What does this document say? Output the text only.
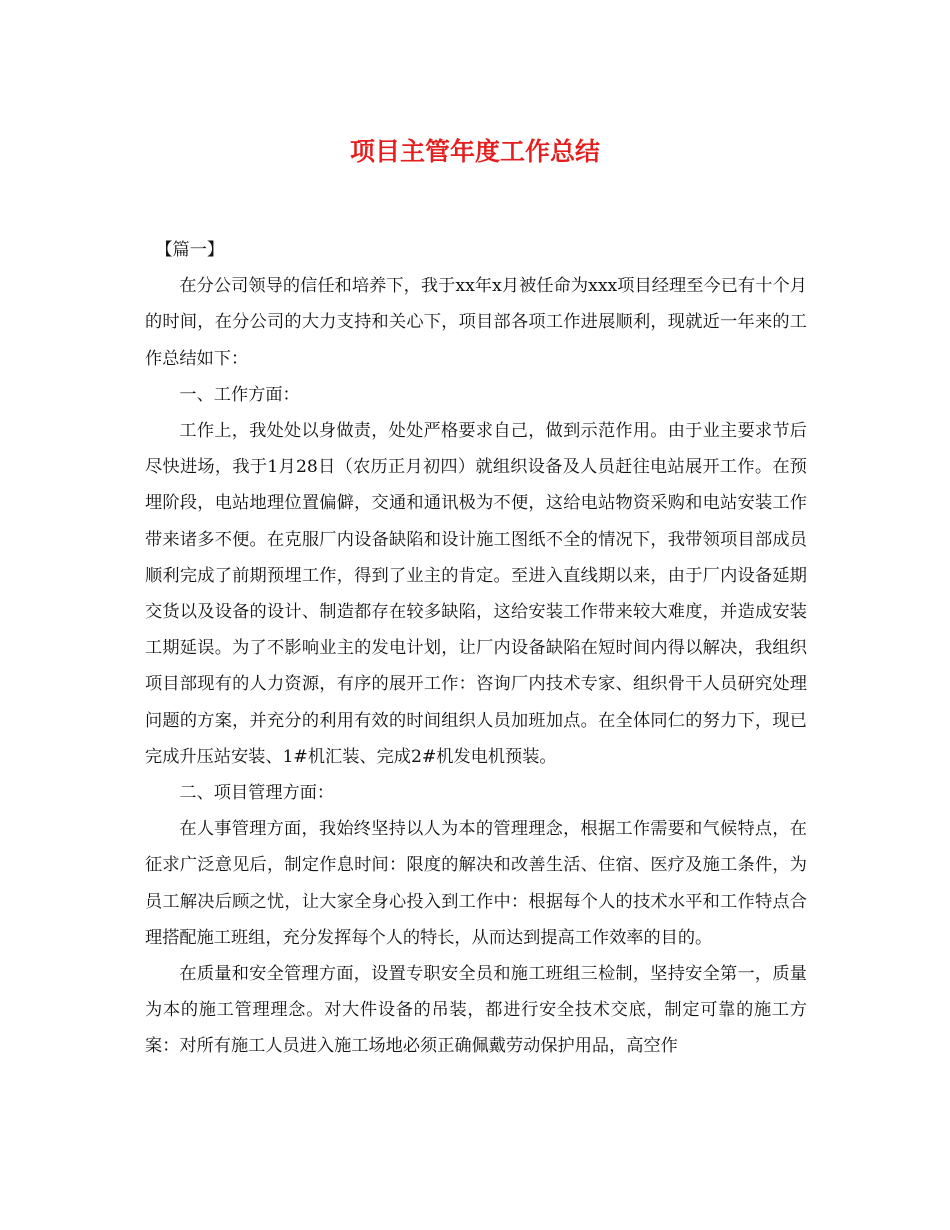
项目主管年度工作总结

【篇一】

在分公司领导的信任和培养下，我于xx年x月被任命为xxx项目经理至今已有十个月的时间，在分公司的大力支持和关心下，项目部各项工作进展顺利，现就近一年来的工作总结如下：

一、工作方面：

工作上，我处处以身做责，处处严格要求自己，做到示范作用。由于业主要求节后尽快进场，我于1月28日（农历正月初四）就组织设备及人员赶往电站展开工作。在预埋阶段，电站地理位置偏僻，交通和通讯极为不便，这给电站物资采购和电站安装工作带来诸多不便。在克服厂内设备缺陷和设计施工图纸不全的情况下，我带领项目部成员顺利完成了前期预埋工作，得到了业主的肯定。至进入直线期以来，由于厂内设备延期交货以及设备的设计、制造都存在较多缺陷，这给安装工作带来较大难度，并造成安装工期延误。为了不影响业主的发电计划，让厂内设备缺陷在短时间内得以解决，我组织项目部现有的人力资源，有序的展开工作：咨询厂内技术专家、组织骨干人员研究处理问题的方案，并充分的利用有效的时间组织人员加班加点。在全体同仁的努力下，现已完成升压站安装、1#机汇装、完成2#机发电机预装。

二、项目管理方面：

在人事管理方面，我始终坚持以人为本的管理理念，根据工作需要和气候特点，在征求广泛意见后，制定作息时间：限度的解决和改善生活、住宿、医疗及施工条件，为员工解决后顾之忧，让大家全身心投入到工作中：根据每个人的技术水平和工作特点合理搭配施工班组，充分发挥每个人的特长，从而达到提高工作效率的目的。

在质量和安全管理方面，设置专职安全员和施工班组三检制，坚持安全第一，质量为本的施工管理理念。对大件设备的吊装，都进行安全技术交底，制定可靠的施工方案：对所有施工人员进入施工场地必须正确佩戴劳动保护用品，高空作
